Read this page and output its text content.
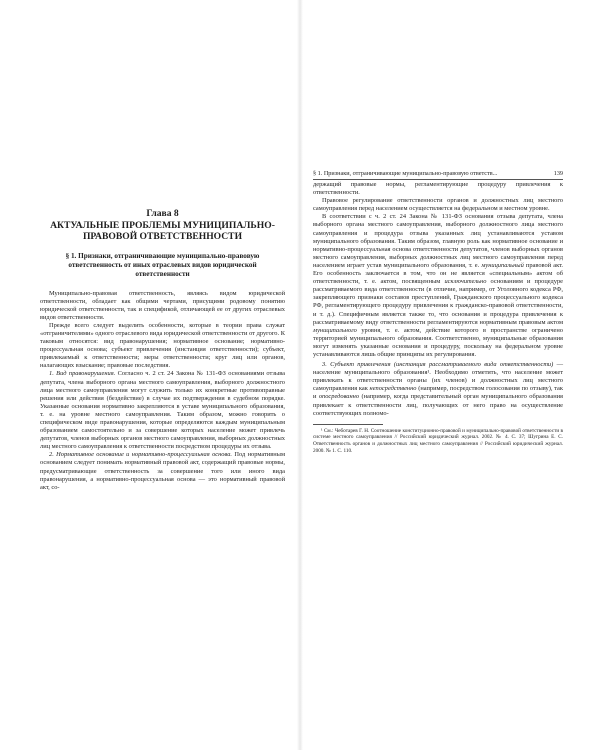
Глава 8
АКТУАЛЬНЫЕ ПРОБЛЕМЫ МУНИЦИПАЛЬНО-ПРАВОВОЙ ОТВЕТСТВЕННОСТИ
§ 1. Признаки, отграничивающие муниципально-правовую ответственность от иных отраслевых видов юридической ответственности

Муниципально-правовая ответственность, являясь видом юридической ответственности, обладает как общими чертами, присущими родовому понятию юридической ответственности, так и спецификой, отличающей ее от других отраслевых видов ответственности.

Прежде всего следует выделить особенности, которые в теории права служат «отграничителями» одного отраслевого вида юридической ответственности от другого. К таковым относятся: вид правонарушения; нормативное основание; нормативно-процессуальная основа; субъект привлечения (инстанция ответственности); субъект, привлекаемый к ответственности; меры ответственности; круг лиц или органов, налагающих взыскание; правовые последствия.

1. Вид правонарушения. Согласно ч. 2 ст. 24 Закона № 131-ФЗ основаниями отзыва депутата, члена выборного органа местного самоуправления, выборного должностного лица местного самоуправления могут служить только их конкретные противоправные решения или действия (бездействие) в случае их подтверждения в судебном порядке. Указанные основания нормативно закрепляются в уставе муниципального образования, т. е. на уровне местного самоуправления. Таким образом, можно говорить о специфическом виде правонарушения, которые определяются каждым муниципальным образованием самостоятельно и за совершение которых население может привлечь депутатов, членов выборных органов местного самоуправления, выборных должностных лиц местного самоуправления к ответственности посредством процедуры их отзыва.

2. Нормативное основание и нормативно-процессуальная основа. Под нормативным основанием следует понимать нормативный правовой акт, содержащий правовые нормы, предусматривающие ответственность за совершение того или иного вида правонарушения, а нормативно-процессуальная основа — это нормативный правовой акт, со-

§ 1. Признаки, отграничивающие муниципально-правовую ответств...	139

держащий правовые нормы, регламентирующие процедуру привлечения к ответственности.

Правовое регулирование ответственности органов и должностных лиц местного самоуправления перед населением осуществляется на федеральном и местном уровне.

В соответствии с ч. 2 ст. 24 Закона № 131-ФЗ основания отзыва депутата, члена выборного органа местного самоуправления, выборного должностного лица местного самоуправления и процедура отзыва указанных лиц устанавливаются уставом муниципального образования. Таким образом, главную роль как нормативное основание и нормативно-процессуальная основа ответственности депутатов, членов выборных органов местного самоуправления, выборных должностных лиц местного самоуправления перед населением играет устав муниципального образования, т. е. муниципальный правовой акт. Его особенность заключается в том, что он не является «специальным» актом об ответственности, т. е. актом, посвященным исключительно основаниям и процедуре рассматриваемого вида ответственности (в отличие, например, от Уголовного кодекса РФ, закрепляющего признаки составов преступлений, Гражданского процессуального кодекса РФ, регламентирующего процедуру привлечения к гражданско-правовой ответственности, и т. д.). Специфичным является также то, что основания и процедура привлечения к рассматриваемому виду ответственности регламентируются нормативным правовым актом муниципального уровня, т. е. актом, действие которого в пространстве ограничено территорией муниципального образования. Соответственно, муниципальные образования могут изменять указанные основания и процедуру, поскольку на федеральном уровне устанавливаются лишь общие принципы их регулирования.

3. Субъект привлечения (инстанция рассматриваемого вида ответственности) — население муниципального образования¹. Необходимо отметить, что население может привлекать к ответственности органы (их членов) и должностных лиц местного самоуправления как непосредственно (например, посредством голосования по отзыву), так и опосредованно (например, когда представительный орган муниципального образования привлекает к ответственности лиц, получающих от него право на осуществление соответствующих полномо-

¹ См.: Чеботарев Г. Н. Соотношение конституционно-правовой и муниципально-правовой ответственности в системе местного самоуправления // Российский юридический журнал. 2002. № 4. С. 37; Шугрина Е. С. Ответственность органов и должностных лиц местного самоуправления // Российский юридический журнал. 2000. № 1. С. 110.
